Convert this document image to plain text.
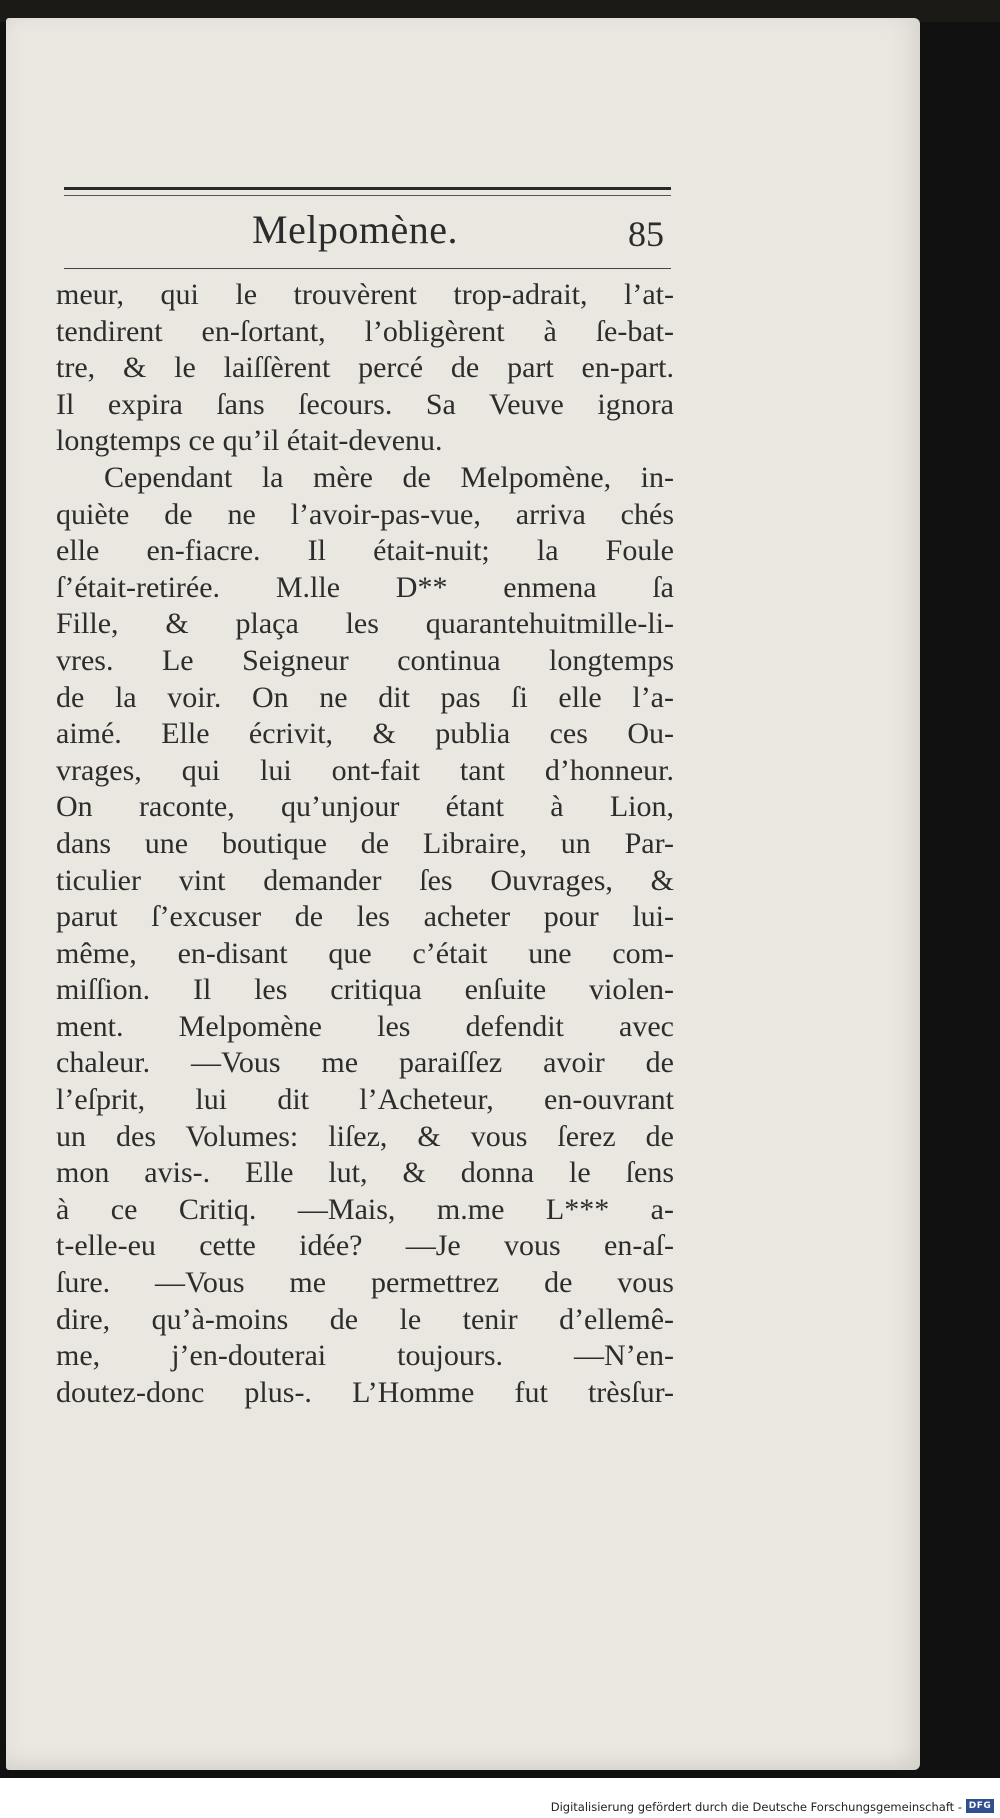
Melpomène.	85
meur, qui le trouvèrent trop-adrait, l’at-
tendirent en-ſortant, l’obligèrent à ſe-bat-
tre, & le laiſſèrent percé de part en-part.
Il expira ſans ſecours. Sa Veuve ignora
longtemps ce qu’il était-devenu.
Cependant la mère de Melpomène, in-
quiète de ne l’avoir-pas-vue, arriva chés
elle en-fiacre. Il était-nuit; la Foule
ſ’était-retirée. M.lle D** enmena ſa
Fille, & plaça les quarantehuitmille-li-
vres. Le Seigneur continua longtemps
de la voir. On ne dit pas ſi elle l’a-
aimé. Elle écrivit, & publia ces Ou-
vrages, qui lui ont-fait tant d’honneur.
On raconte, qu’unjour étant à Lion,
dans une boutique de Libraire, un Par-
ticulier vint demander ſes Ouvrages, &
parut ſ’excuser de les acheter pour lui-
même, en-disant que c’était une com-
miſſion. Il les critiqua enſuite violen-
ment. Melpomène les defendit avec
chaleur. —Vous me paraiſſez avoir de
l’eſprit, lui dit l’Acheteur, en-ouvrant
un des Volumes: liſez, & vous ſerez de
mon avis-. Elle lut, & donna le ſens
à ce Critiq. —Mais, m.me L*** a-
t-elle-eu cette idée? —Je vous en-aſ-
ſure. —Vous me permettrez de vous
dire, qu’à-moins de le tenir d’ellemê-
me, j’en-douterai toujours. —N’en-
doutez-donc plus-. L’Homme fut trèsſur-
Digitalisierung gefördert durch die Deutsche Forschungsgemeinschaft - DFG
